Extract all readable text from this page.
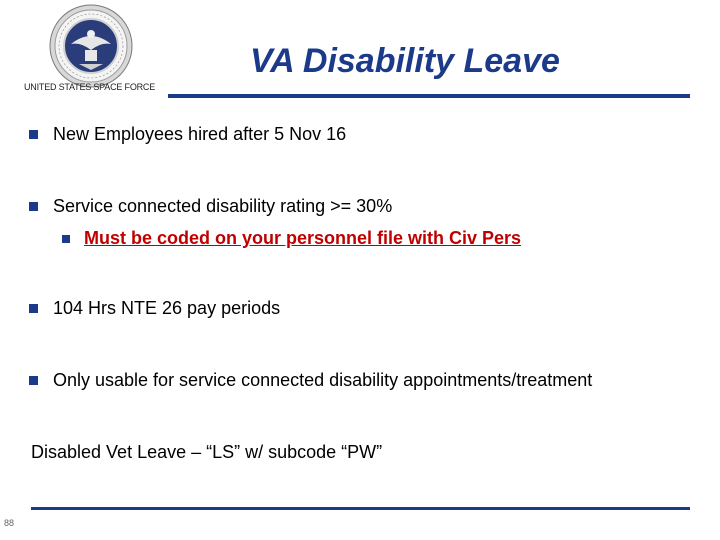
UNITED STATES SPACE FORCE
VA Disability Leave
New Employees hired after 5 Nov 16
Service connected disability rating >= 30%
Must be coded on your personnel file with Civ Pers
104 Hrs NTE 26 pay periods
Only usable for service connected disability appointments/treatment
Disabled Vet Leave – “LS” w/ subcode “PW”
88
